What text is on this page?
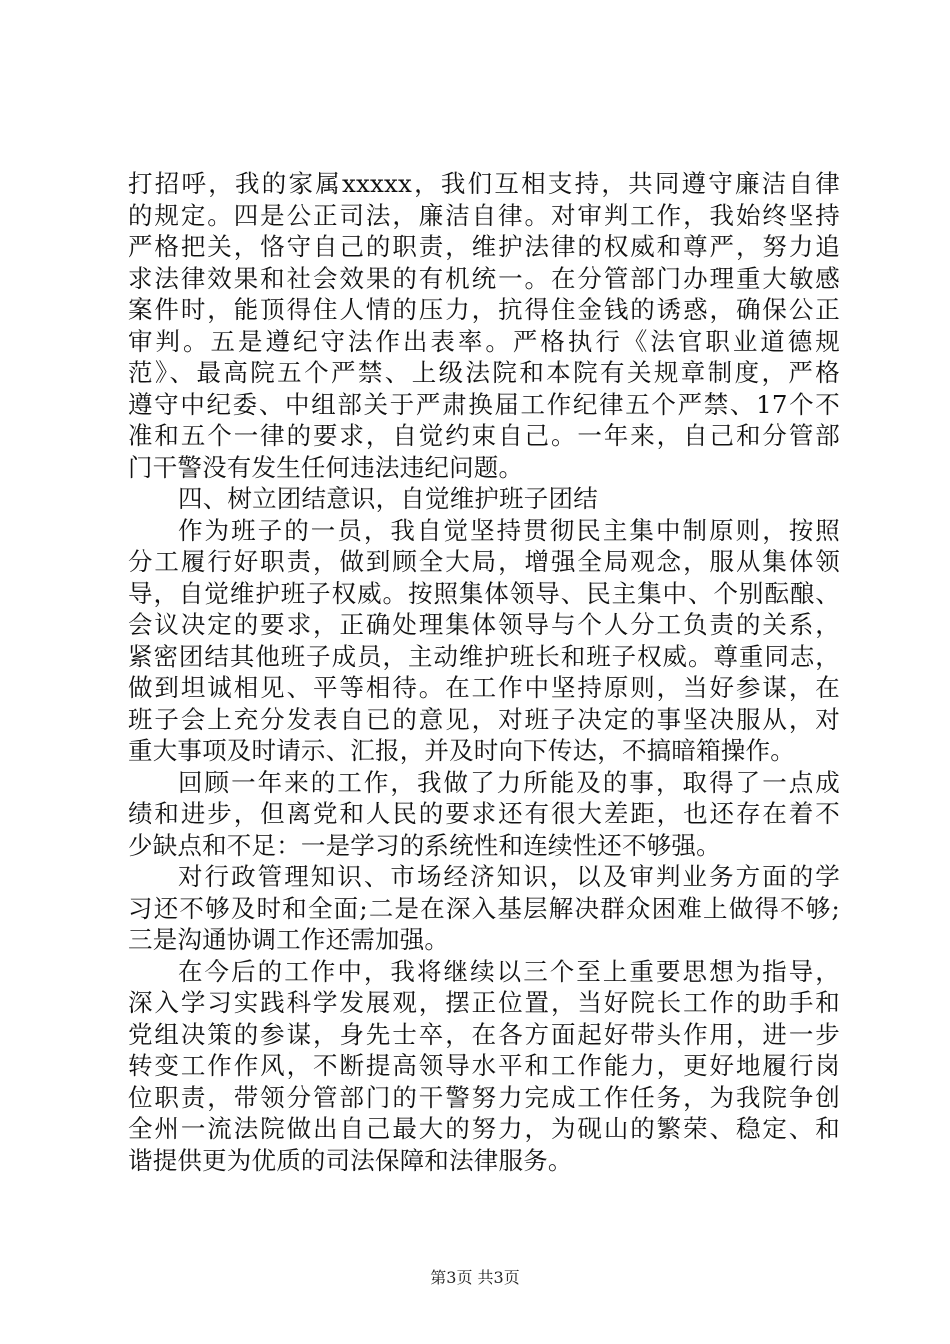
打招呼，我的家属xxxxx，我们互相支持，共同遵守廉洁自律
的规定。四是公正司法，廉洁自律。对审判工作，我始终坚持
严格把关，恪守自己的职责，维护法律的权威和尊严，努力追
求法律效果和社会效果的有机统一。在分管部门办理重大敏感
案件时，能顶得住人情的压力，抗得住金钱的诱惑，确保公正
审判。五是遵纪守法作出表率。严格执行《法官职业道德规
范》、最高院五个严禁、上级法院和本院有关规章制度，严格
遵守中纪委、中组部关于严肃换届工作纪律五个严禁、17个不
准和五个一律的要求，自觉约束自己。一年来，自己和分管部
门干警没有发生任何违法违纪问题。
四、树立团结意识，自觉维护班子团结
作为班子的一员，我自觉坚持贯彻民主集中制原则，按照
分工履行好职责，做到顾全大局，增强全局观念，服从集体领
导，自觉维护班子权威。按照集体领导、民主集中、个别酝酿、
会议决定的要求，正确处理集体领导与个人分工负责的关系，
紧密团结其他班子成员，主动维护班长和班子权威。尊重同志，
做到坦诚相见、平等相待。在工作中坚持原则，当好参谋，在
班子会上充分发表自已的意见，对班子决定的事坚决服从，对
重大事项及时请示、汇报，并及时向下传达，不搞暗箱操作。
回顾一年来的工作，我做了力所能及的事，取得了一点成
绩和进步，但离党和人民的要求还有很大差距，也还存在着不
少缺点和不足：一是学习的系统性和连续性还不够强。
对行政管理知识、市场经济知识，以及审判业务方面的学
习还不够及时和全面;二是在深入基层解决群众困难上做得不够;
三是沟通协调工作还需加强。
在今后的工作中，我将继续以三个至上重要思想为指导，
深入学习实践科学发展观，摆正位置，当好院长工作的助手和
党组决策的参谋，身先士卒，在各方面起好带头作用，进一步
转变工作作风，不断提高领导水平和工作能力，更好地履行岗
位职责，带领分管部门的干警努力完成工作任务，为我院争创
全州一流法院做出自己最大的努力，为砚山的繁荣、稳定、和
谐提供更为优质的司法保障和法律服务。
第3页 共3页
